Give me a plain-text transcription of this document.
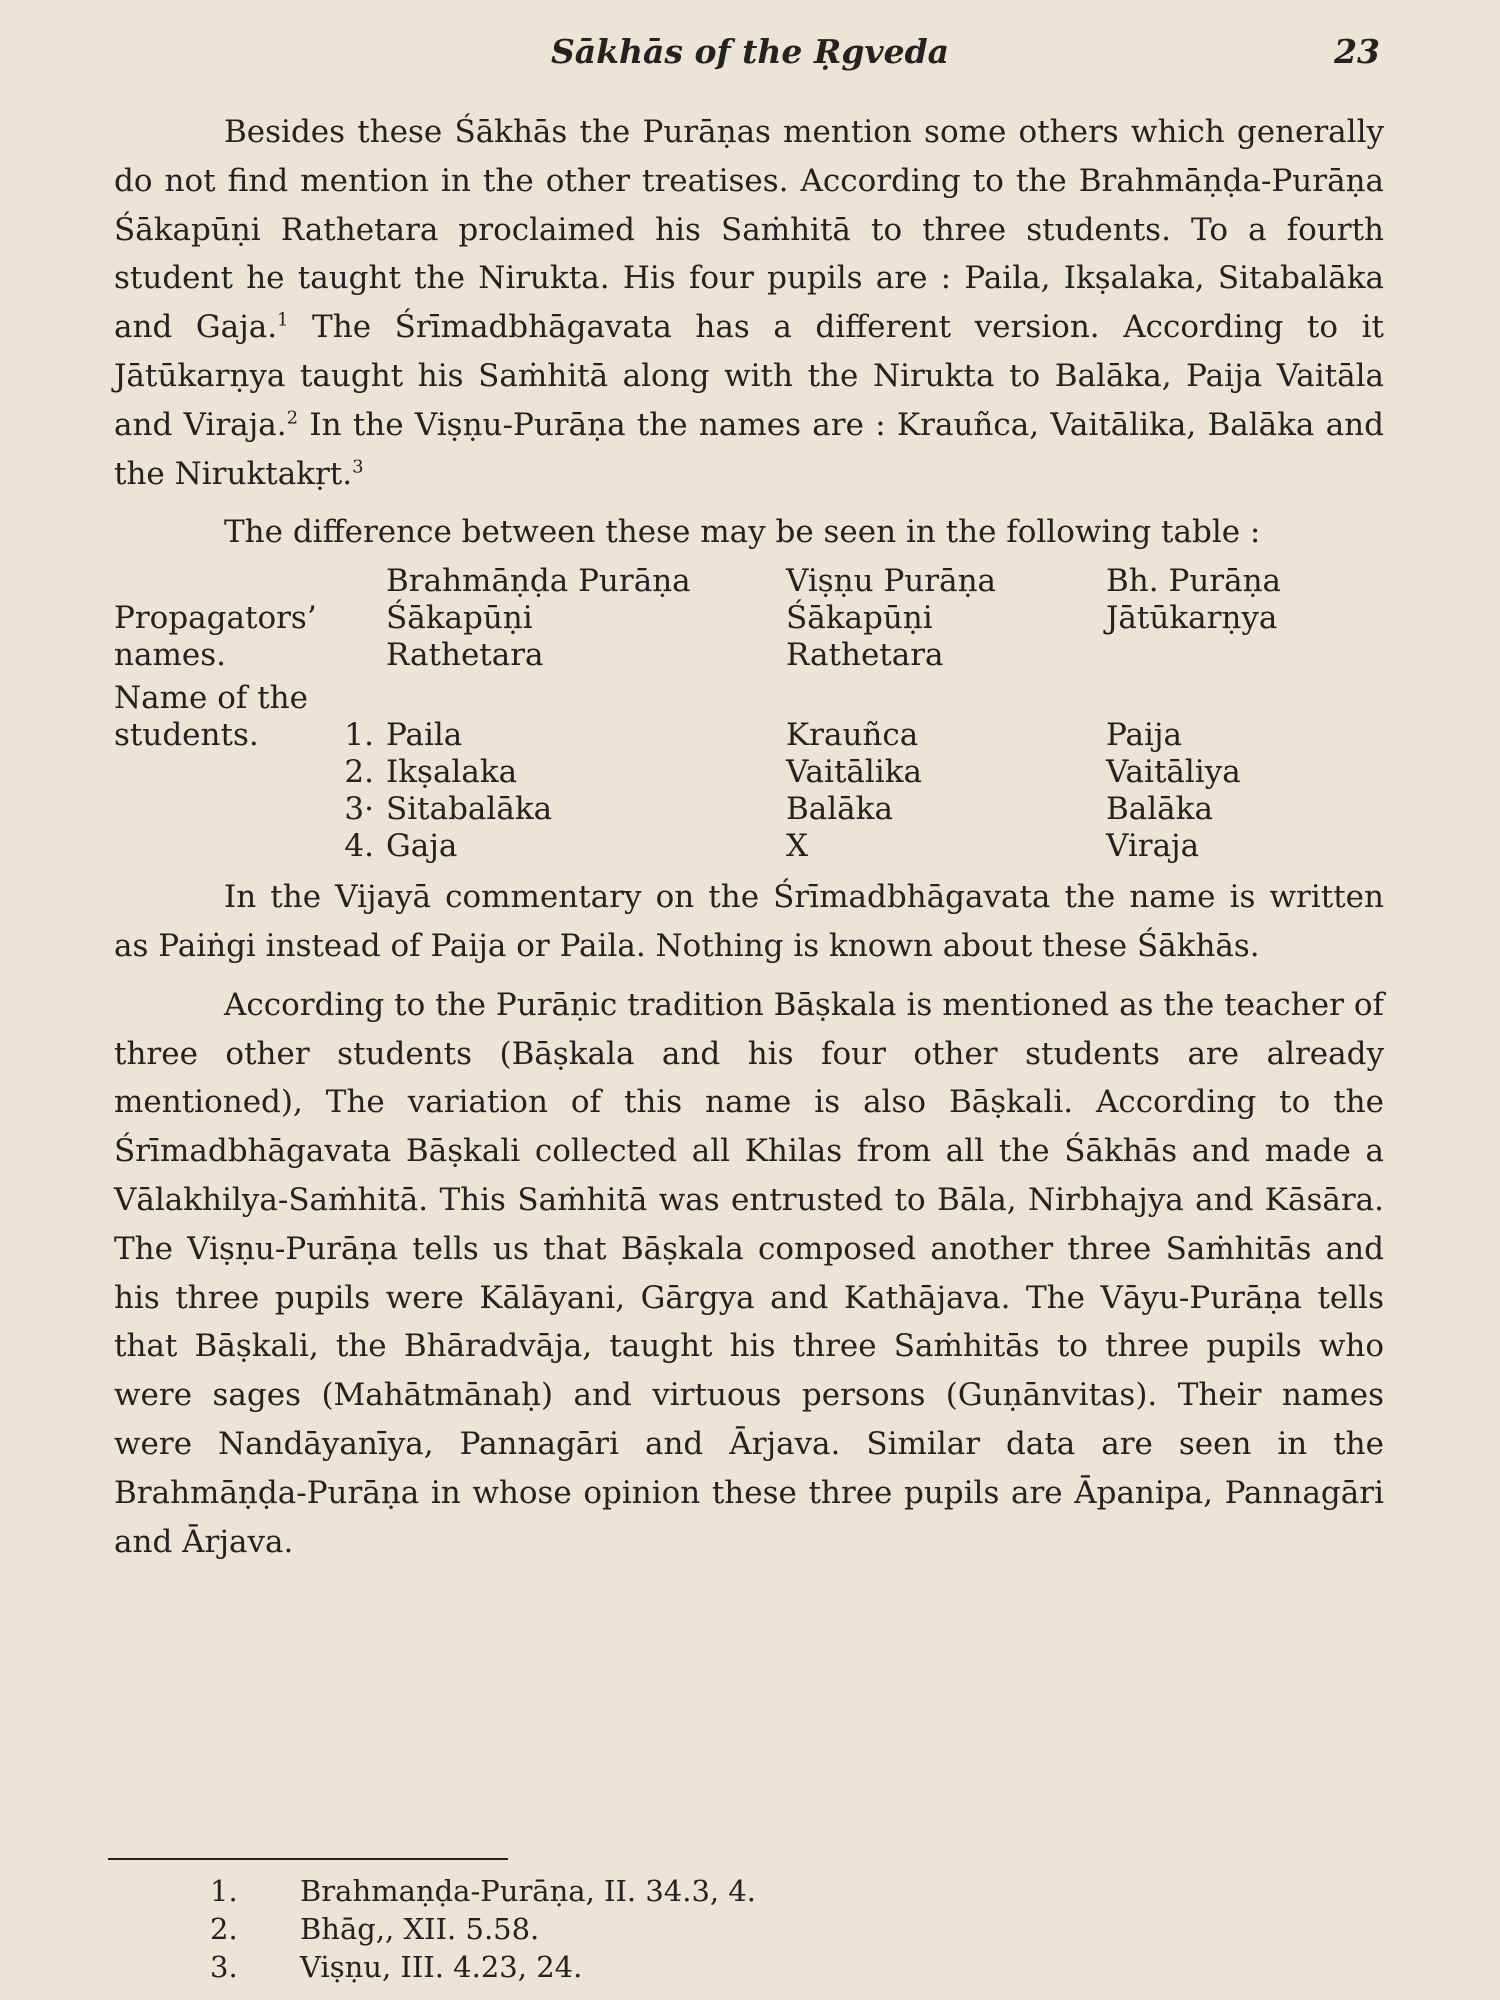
Sākhās of the Ṛgveda	23

Besides these Śākhās the Purāṇas mention some others which generally do not find mention in the other treatises. According to the Brahmāṇḍa-Purāṇa Śākapūṇi Rathetara proclaimed his Saṁhitā to three students. To a fourth student he taught the Nirukta. His four pupils are : Paila, Ikṣalaka, Sitabalāka and Gaja.$^1$ The Śrīmadbhāgavata has a different version. According to it Jātūkarṇya taught his Saṁhitā along with the Nirukta to Balāka, Paija Vaitāla and Viraja.$^2$ In the Viṣṇu-Purāṇa the names are : Krauñca, Vaitālika, Balāka and the Niruktakṛt.$^3$

The difference between these may be seen in the following table :

		Brahmāṇḍa Purāṇa	Viṣṇu Purāṇa	Bh. Purāṇa
Propagators’		Śākapūṇi	Śākapūṇi	Jātūkarṇya
names.		Rathetara	Rathetara	
Name of the				
students.	1.	Paila	Krauñca	Paija
	2.	Ikṣalaka	Vaitālika	Vaitāliya
	3·	Sitabalāka	Balāka	Balāka
	4.	Gaja	X	Viraja

In the Vijayā commentary on the Śrīmadbhāgavata the name is written as Paiṅgi instead of Paija or Paila. Nothing is known about these Śākhās.

According to the Purāṇic tradition Bāṣkala is mentioned as the teacher of three other students (Bāṣkala and his four other students are already mentioned), The variation of this name is also Bāṣkali. According to the Śrīmadbhāgavata Bāṣkali collected all Khilas from all the Śākhās and made a Vālakhilya-Saṁhitā. This Saṁhitā was entrusted to Bāla, Nirbhajya and Kāsāra. The Viṣṇu-Purāṇa tells us that Bāṣkala composed another three Saṁhitās and his three pupils were Kālāyani, Gārgya and Kathājava. The Vāyu-Purāṇa tells that Bāṣkali, the Bhāradvāja, taught his three Saṁhitās to three pupils who were sages (Mahātmānaḥ) and virtuous persons (Guṇānvitas). Their names were Nandāyanīya, Pannagāri and Ārjava. Similar data are seen in the Brahmāṇḍa-Purāṇa in whose opinion these three pupils are Āpanipa, Pannagāri and Ārjava.

1.	Brahmaṇḍa-Purāṇa, II. 34.3, 4.
2.	Bhāg,, XII. 5.58.
3.	Viṣṇu, III. 4.23, 24.
